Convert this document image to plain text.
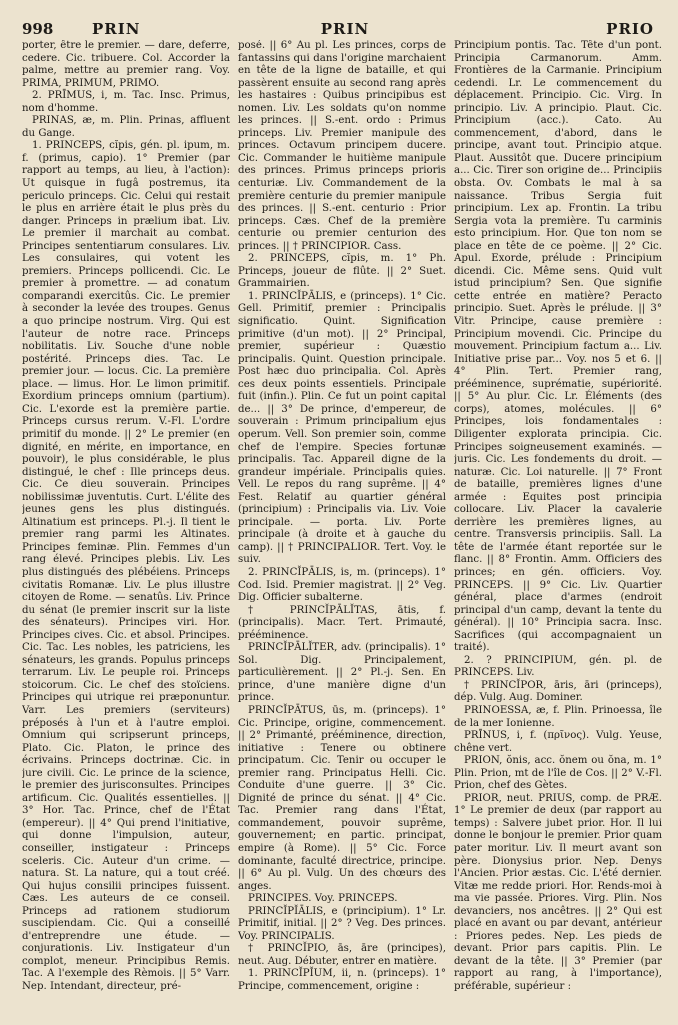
998	PRIN	PRIN	PRIO

porter, être le premier. — dare, deferre, cedere. Cic. tribuere. Col. Accorder la palme, mettre au premier rang. Voy. PRIMA, PRIMUM, PRIMO.

2. PRĪMUS, i, m. Tac. Insc. Primus, nom d'homme.

PRINAS, æ, m. Plin. Prinas, affluent du Gange.

1. PRINCEPS, cĭpis, gén. pl. ipum, m. f. (primus, capio). 1° Premier (par rapport au temps, au lieu, à l'action): Ut quisque in fugâ postremus, ita periculo princeps. Cic. Celui qui restait le plus en arrière était le plus près du danger. Princeps in prælium ibat. Liv. Le premier il marchait au combat. Principes sententiarum consulares. Liv. Les consulaires, qui votent les premiers. Princeps pollicendi. Cic. Le premier à promettre. — ad conatum comparandi exercitûs. Cic. Le premier à seconder la levée des troupes. Genus a quo principe nostrum. Virg. Qui est l'auteur de notre race. Princeps nobilitatis. Liv. Souche d'une noble postérité. Princeps dies. Tac. Le premier jour. — locus. Cic. La première place. — limus. Hor. Le limon primitif. Exordium princeps omnium (partium). Cic. L'exorde est la première partie. Princeps cursus rerum. V.-Fl. L'ordre primitif du monde. || 2° Le premier (en dignité, en mérite, en importance, en pouvoir), le plus considérable, le plus distingué, le chef : Ille princeps deus. Cic. Ce dieu souverain. Principes nobilissimæ juventutis. Curt. L'élite des jeunes gens les plus distingués. Altinatium est princeps. Pl.-j. Il tient le premier rang parmi les Altinates. Principes feminæ. Plin. Femmes d'un rang élevé. Principes plebis. Liv. Les plus distingués des plébéiens. Princeps civitatis Romanæ. Liv. Le plus illustre citoyen de Rome. — senatûs. Liv. Prince du sénat (le premier inscrit sur la liste des sénateurs). Principes viri. Hor. Principes cives. Cic. et absol. Principes. Cic. Tac. Les nobles, les patriciens, les sénateurs, les grands. Populus princeps terrarum. Liv. Le peuple roi. Princeps stoicorum. Cic. Le chef des stoïciens. Principes qui utrique rei præponuntur. Varr. Les premiers (serviteurs) préposés à l'un et à l'autre emploi. Omnium qui scripserunt princeps, Plato. Cic. Platon, le prince des écrivains. Princeps doctrinæ. Cic. in jure civili. Cic. Le prince de la science, le premier des jurisconsultes. Principes artificum. Cic. Qualités essentielles. || 3° Hor. Tac. Prince, chef de l'État (empereur). || 4° Qui prend l'initiative, qui donne l'impulsion, auteur, conseiller, instigateur : Princeps sceleris. Cic. Auteur d'un crime. — natura. St. La nature, qui a tout créé. Qui hujus consilii principes fuissent. Cæs. Les auteurs de ce conseil. Princeps ad rationem studiorum suscipiendam. Cic. Qui a conseillé d'entreprendre une étude. — conjurationis. Liv. Instigateur d'un complot, meneur. Principibus Remis. Tac. A l'exemple des Rèmois. || 5° Varr. Nep. Intendant, directeur, pré-

posé. || 6° Au pl. Les princes, corps de fantassins qui dans l'origine marchaient en tête de la ligne de bataille, et qui passèrent ensuite au second rang après les hastaires : Quibus principibus est nomen. Liv. Les soldats qu'on nomme les princes. || S.-ent. ordo : Primus princeps. Liv. Premier manipule des princes. Octavum principem ducere. Cic. Commander le huitième manipule des princes. Primus princeps prioris centuriæ. Liv. Commandement de la première centurie du premier manipule des princes. || S.-ent. centurio : Prior princeps. Cæs. Chef de la première centurie ou premier centurion des princes. || † PRINCIPIOR. Cass.

2. PRINCEPS, cĭpis, m. 1° Ph. Princeps, joueur de flûte. || 2° Suet. Grammairien.

1. PRINCĬPĀLIS, e (princeps). 1° Cic. Gell. Primitif, premier : Principalis significatio. Quint. Signification primitive (d'un mot). || 2° Principal, premier, supérieur : Quæstio principalis. Quint. Question principale. Post hæc duo principalia. Col. Après ces deux points essentiels. Principale fuit (infin.). Plin. Ce fut un point capital de... || 3° De prince, d'empereur, de souverain : Primum principalium ejus operum. Vell. Son premier soin, comme chef de l'empire. Species fortunæ principalis. Tac. Appareil digne de la grandeur impériale. Principalis quies. Vell. Le repos du rang suprême. || 4° Fest. Relatif au quartier général (principium) : Principalis via. Liv. Voie principale. — porta. Liv. Porte principale (à droite et à gauche du camp). || † PRINCIPALIOR. Tert. Voy. le suiv.

2. PRINCĬPĀLIS, is, m. (princeps). 1° Cod. Isid. Premier magistrat. || 2° Veg. Dig. Officier subalterne.

† PRINCĬPĀLĬTAS, ātis, f. (principalis). Macr. Tert. Primauté, prééminence.

PRINCĬPĀLĬTER, adv. (principalis). 1° Sol. Dig. Principalement, particulièrement. || 2° Pl.-j. Sen. En prince, d'une manière digne d'un prince.

PRINCĬPĀTUS, ūs, m. (princeps). 1° Cic. Principe, origine, commencement. || 2° Primanté, prééminence, direction, initiative : Tenere ou obtinere principatum. Cic. Tenir ou occuper le premier rang. Principatus Helli. Cic. Conduite d'une guerre. || 3° Cic. Dignité de prince du sénat. || 4° Cic. Tac. Premier rang dans l'État, commandement, pouvoir suprême, gouvernement; en partic. principat, empire (à Rome). || 5° Cic. Force dominante, faculté directrice, principe. || 6° Au pl. Vulg. Un des chœurs des anges.

PRINCIPES. Voy. PRINCEPS.

PRINCĬPĬĀLIS, e (principium). 1° Lr. Primitif, initial. || 2° ? Veg. Des princes. Voy. PRINCIPALIS.

† PRINCĬPIO, ās, āre (principes), neut. Aug. Débuter, entrer en matière.

1. PRINCĬPĬUM, ii, n. (princeps). 1° Principe, commencement, origine :

Principium pontis. Tac. Tête d'un pont. Principia Carmanorum. Amm. Frontières de la Carmanie. Principium cedendi. Lr. Le commencement du déplacement. Principio. Cic. Virg. In principio. Liv. A principio. Plaut. Cic. Principium (acc.). Cato. Au commencement, d'abord, dans le principe, avant tout. Principio atque. Plaut. Aussitôt que. Ducere principium a... Cic. Tirer son origine de... Principiis obsta. Ov. Combats le mal à sa naissance. Tribus Sergia fuit principium. Lex ap. Frontin. La tribu Sergia vota la première. Tu carminis esto principium. Hor. Que ton nom se place en tête de ce poème. || 2° Cic. Apul. Exorde, prélude : Principium dicendi. Cic. Même sens. Quid vult istud principium? Sen. Que signifie cette entrée en matière? Peracto principio. Suet. Après le prélude. || 3° Vitr. Principe, cause première : Principium movendi. Cic. Principe du mouvement. Principium factum a... Liv. Initiative prise par... Voy. nos 5 et 6. || 4° Plin. Tert. Premier rang, prééminence, suprématie, supériorité. || 5° Au plur. Cic. Lr. Éléments (des corps), atomes, molécules. || 6° Principes, lois fondamentales : Diligenter explorata principia. Cic. Principes soigneusement examinés. — juris. Cic. Les fondements du droit. — naturæ. Cic. Loi naturelle. || 7° Front de bataille, premières lignes d'une armée : Equites post principia collocare. Liv. Placer la cavalerie derrière les premières lignes, au centre. Transversis principiis. Sall. La tête de l'armée étant reportée sur le flanc. || 8° Frontin. Amm. Officiers des princes; en gén. officiers. Voy. PRINCEPS. || 9° Cic. Liv. Quartier général, place d'armes (endroit principal d'un camp, devant la tente du général). || 10° Principia sacra. Insc. Sacrifices (qui accompagnaient un traité).

2. ? PRINCIPIUM, gén. pl. de PRINCEPS. Liv.

† PRINCĬPOR, āris, āri (princeps), dép. Vulg. Aug. Dominer.

PRINOESSA, æ, f. Plin. Prinoessa, île de la mer Ionienne.

PRĪNUS, i, f. (πρῖνος). Vulg. Yeuse, chêne vert.

PRION, ŏnis, acc. ŏnem ou ŏna, m. 1° Plin. Prion, mt de l'île de Cos. || 2° V.-Fl. Prion, chef des Gètes.

PRIOR, neut. PRIUS, comp. de PRÆ. 1° Le premier de deux (par rapport au temps) : Salvere jubet prior. Hor. Il lui donne le bonjour le premier. Prior quam pater moritur. Liv. Il meurt avant son père. Dionysius prior. Nep. Denys l'Ancien. Prior æstas. Cic. L'été dernier. Vitæ me redde priori. Hor. Rends-moi à ma vie passée. Priores. Virg. Plin. Nos devanciers, nos ancêtres. || 2° Qui est placé en avant ou par devant, antérieur : Priores pedes. Nep. Les pieds de devant. Prior pars capitis. Plin. Le devant de la tête. || 3° Premier (par rapport au rang, à l'importance), préférable, supérieur :
